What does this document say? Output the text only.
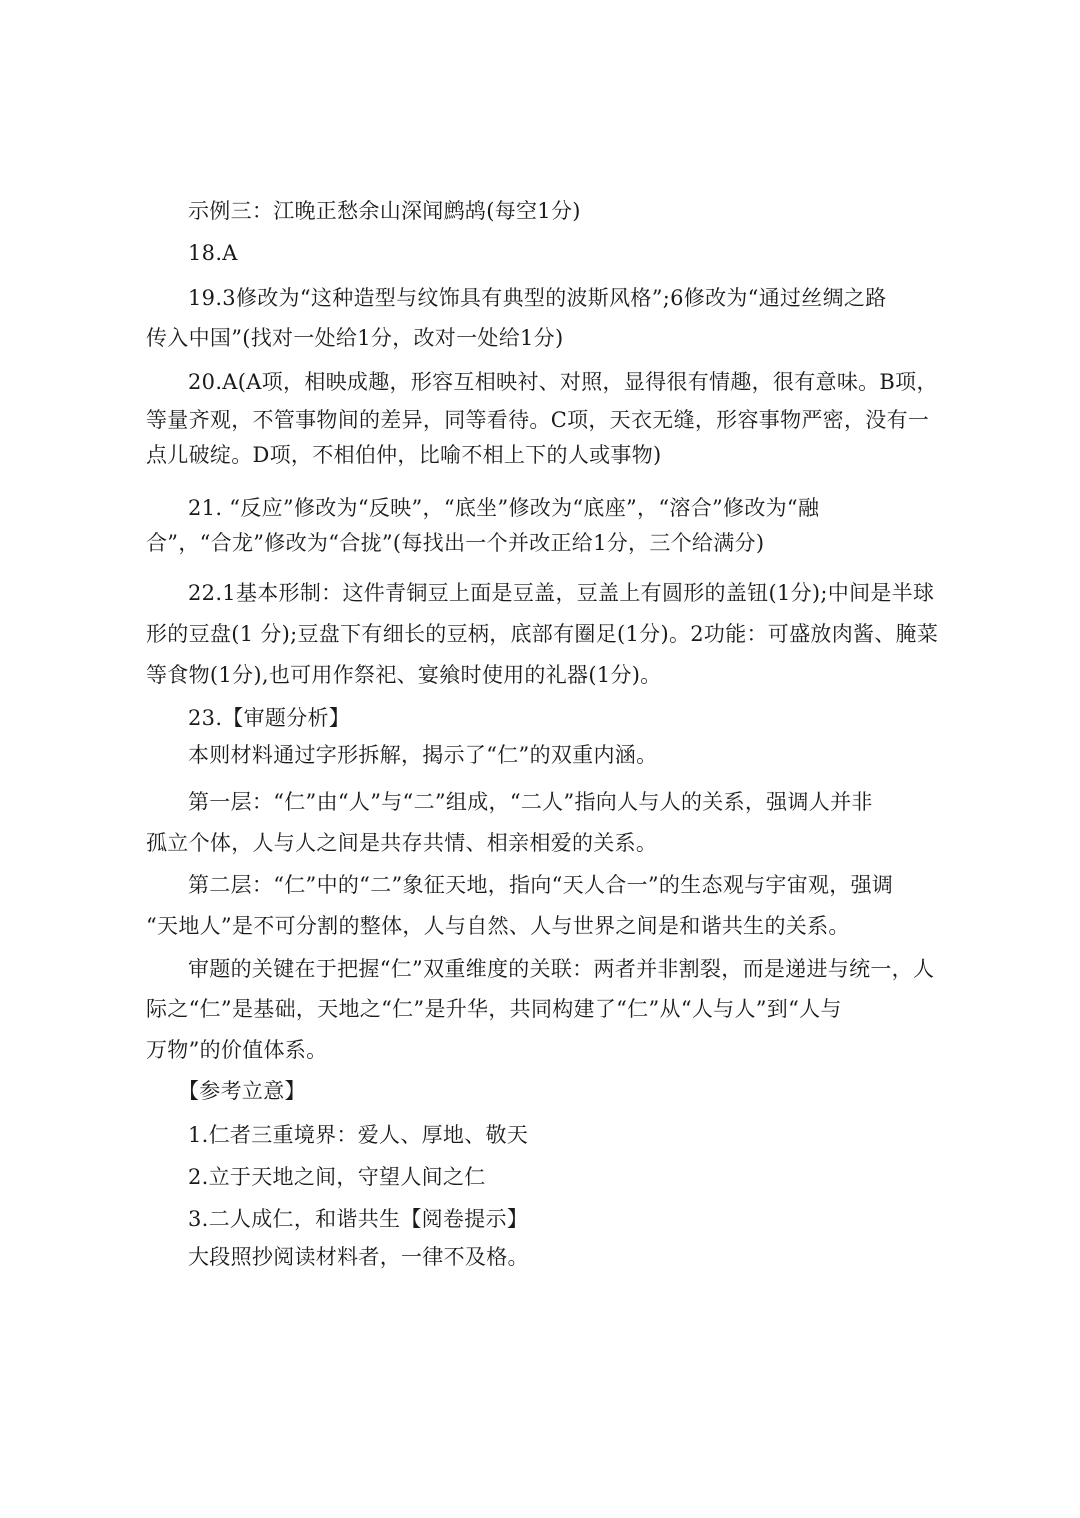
示例三：江晚正愁余山深闻鹧鸪(每空1分)
18.A
19.3修改为“这种造型与纹饰具有典型的波斯风格”;6修改为“通过丝绸之路
传入中国”(找对一处给1分，改对一处给1分)
20.A(A项，相映成趣，形容互相映衬、对照，显得很有情趣，很有意味。B项，
等量齐观，不管事物间的差异，同等看待。C项，天衣无缝，形容事物严密，没有一
点儿破绽。D项，不相伯仲，比喻不相上下的人或事物)
21. “反应”修改为“反映”，“底坐”修改为“底座”，“溶合”修改为“融
合”，“合龙”修改为“合拢”(每找出一个并改正给1分，三个给满分)
22.1基本形制：这件青铜豆上面是豆盖，豆盖上有圆形的盖钮(1分);中间是半球
形的豆盘(1 分);豆盘下有细长的豆柄，底部有圈足(1分)。2功能：可盛放肉酱、腌菜
等食物(1分),也可用作祭祀、宴飨时使用的礼器(1分)。
23.【审题分析】
本则材料通过字形拆解，揭示了“仁”的双重内涵。
第一层：“仁”由“人”与“二”组成，“二人”指向人与人的关系，强调人并非
孤立个体，人与人之间是共存共情、相亲相爱的关系。
第二层：“仁”中的“二”象征天地，指向“天人合一”的生态观与宇宙观，强调
“天地人”是不可分割的整体，人与自然、人与世界之间是和谐共生的关系。
审题的关键在于把握“仁”双重维度的关联：两者并非割裂，而是递进与统一，人
际之“仁”是基础，天地之“仁”是升华，共同构建了“仁”从“人与人”到“人与
万物”的价值体系。
【参考立意】
1.仁者三重境界：爱人、厚地、敬天
2.立于天地之间，守望人间之仁
3.二人成仁，和谐共生【阅卷提示】
大段照抄阅读材料者，一律不及格。
